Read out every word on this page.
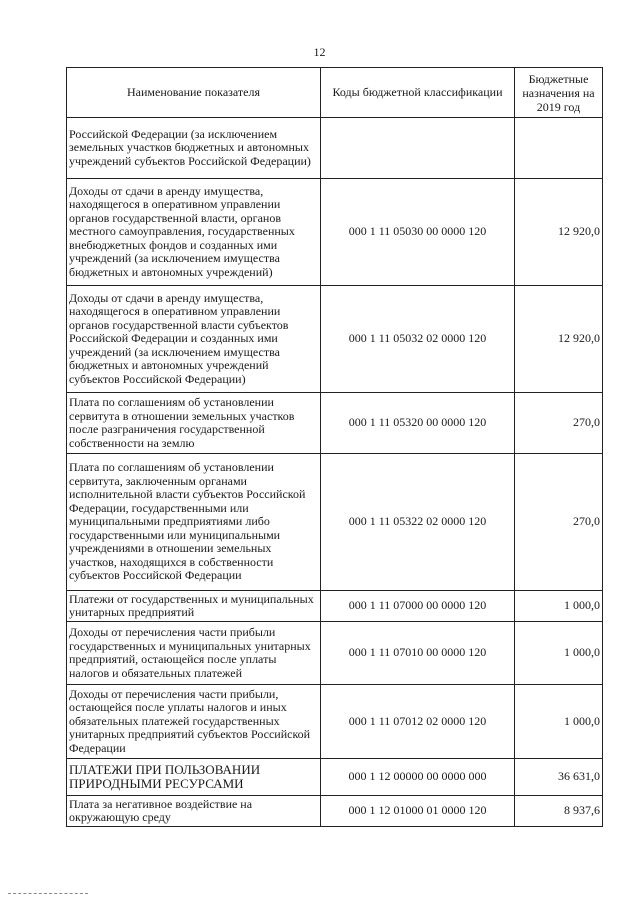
12
Наименование показателя	Коды бюджетной классификации	Бюджетные назначения на 2019 год
Российской Федерации (за исключением земельных участков бюджетных и автономных учреждений субъектов Российской Федерации)		
Доходы от сдачи в аренду имущества, находящегося в оперативном управлении органов государственной власти, органов местного самоуправления, государственных внебюджетных фондов и созданных ими учреждений (за исключением имущества бюджетных и автономных учреждений)	000 1 11 05030 00 0000 120	12 920,0
Доходы от сдачи в аренду имущества, находящегося в оперативном управлении органов государственной власти субъектов Российской Федерации и созданных ими учреждений (за исключением имущества бюджетных и автономных учреждений субъектов Российской Федерации)	000 1 11 05032 02 0000 120	12 920,0
Плата по соглашениям об установлении сервитута в отношении земельных участков после разграничения государственной собственности на землю	000 1 11 05320 00 0000 120	270,0
Плата по соглашениям об установлении сервитута, заключенным органами исполнительной власти субъектов Российской Федерации, государственными или муниципальными предприятиями либо государственными или муниципальными учреждениями в отношении земельных участков, находящихся в собственности субъектов Российской Федерации	000 1 11 05322 02 0000 120	270,0
Платежи от государственных и муниципальных унитарных предприятий	000 1 11 07000 00 0000 120	1 000,0
Доходы от перечисления части прибыли государственных и муниципальных унитарных предприятий, остающейся после уплаты налогов и обязательных платежей	000 1 11 07010 00 0000 120	1 000,0
Доходы от перечисления части прибыли, остающейся после уплаты налогов и иных обязательных платежей государственных унитарных предприятий субъектов Российской Федерации	000 1 11 07012 02 0000 120	1 000,0
ПЛАТЕЖИ ПРИ ПОЛЬЗОВАНИИ ПРИРОДНЫМИ РЕСУРСАМИ	000 1 12 00000 00 0000 000	36 631,0
Плата за негативное воздействие на окружающую среду	000 1 12 01000 01 0000 120	8 937,6
